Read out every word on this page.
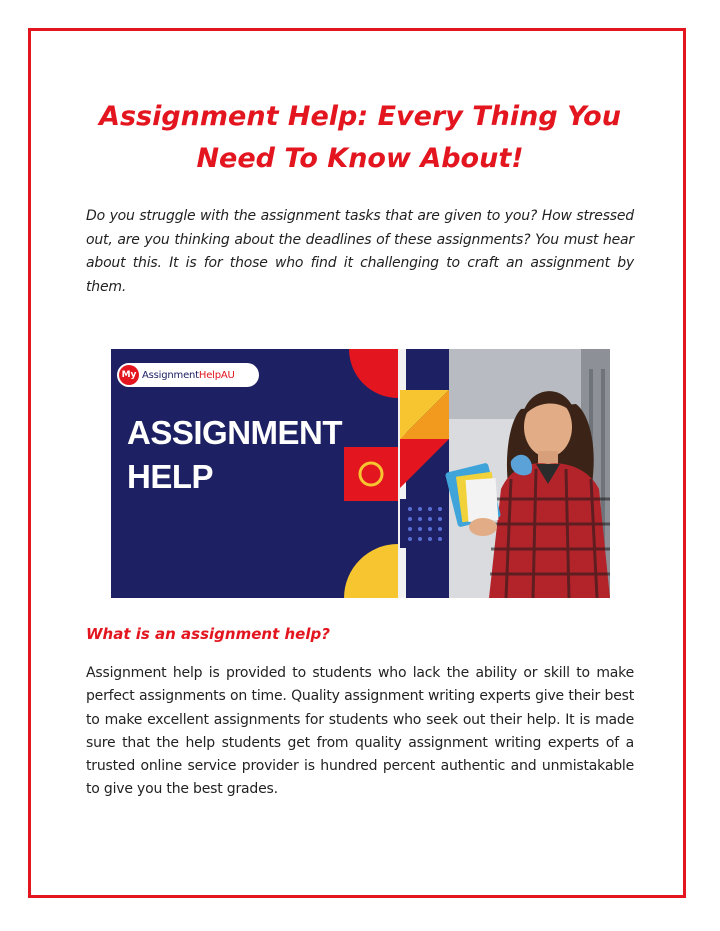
Assignment Help: Every Thing You
Need To Know About!

Do you struggle with the assignment tasks that are given to you? How stressed out, are you thinking about the deadlines of these assignments? You must hear about this. It is for those who find it challenging to craft an assignment by them.

My AssignmentHelpAU
ASSIGNMENT
HELP
What is an assignment help?

Assignment help is provided to students who lack the ability or skill to make perfect assignments on time. Quality assignment writing experts give their best to make excellent assignments for students who seek out their help. It is made sure that the help students get from quality assignment writing experts of a trusted online service provider is hundred percent authentic and unmistakable to give you the best grades.
